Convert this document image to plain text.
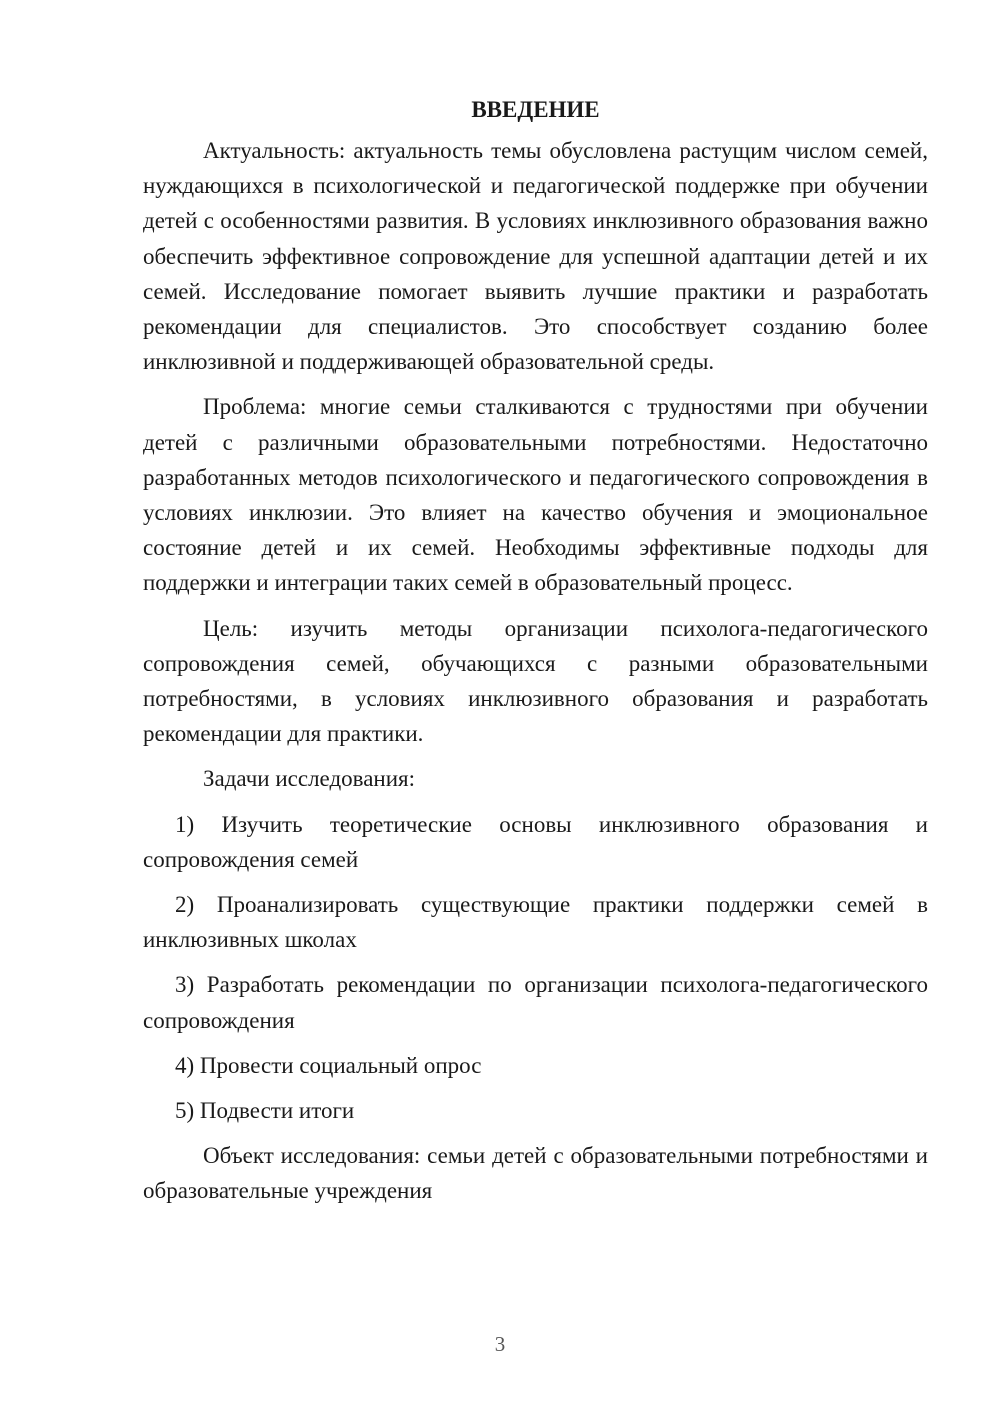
ВВЕДЕНИЕ

Актуальность: актуальность темы обусловлена растущим числом семей, нуждающихся в психологической и педагогической поддержке при обучении детей с особенностями развития. В условиях инклюзивного образования важно обеспечить эффективное сопровождение для успешной адаптации детей и их семей. Исследование помогает выявить лучшие практики и разработать рекомендации для специалистов. Это способствует созданию более инклюзивной и поддерживающей образовательной среды.

Проблема: многие семьи сталкиваются с трудностями при обучении детей с различными образовательными потребностями. Недостаточно разработанных методов психологического и педагогического сопровождения в условиях инклюзии. Это влияет на качество обучения и эмоциональное состояние детей и их семей. Необходимы эффективные подходы для поддержки и интеграции таких семей в образовательный процесс.

Цель: изучить методы организации психолога-педагогического сопровождения семей, обучающихся с разными образовательными потребностями, в условиях инклюзивного образования и разработать рекомендации для практики.

Задачи исследования:

1) Изучить теоретические основы инклюзивного образования и сопровождения семей

2) Проанализировать существующие практики поддержки семей в инклюзивных школах

3) Разработать рекомендации по организации психолога-педагогического сопровождения

4) Провести социальный опрос

5) Подвести итоги

Объект исследования: семьи детей с образовательными потребностями и образовательные учреждения

3
